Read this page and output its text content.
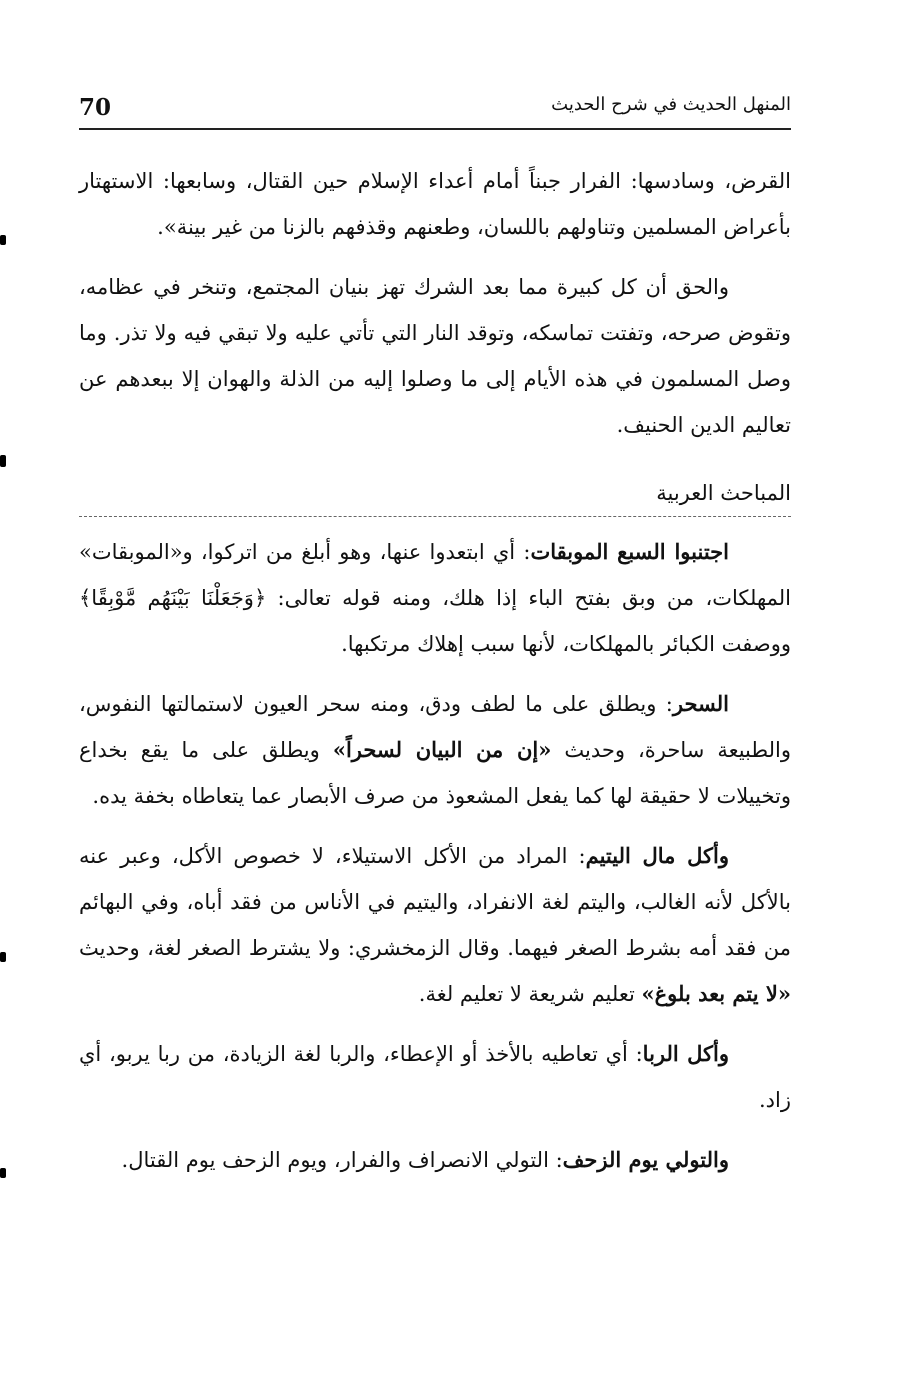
70	المنهل الحديث في شرح الحديث

القرض، وسادسها: الفرار جبناً أمام أعداء الإسلام حين القتال، وسابعها: الاستهتار بأعراض المسلمين وتناولهم باللسان، وطعنهم وقذفهم بالزنا من غير بينة».

والحق أن كل كبيرة مما بعد الشرك تهز بنيان المجتمع، وتنخر في عظامه، وتقوض صرحه، وتفتت تماسكه، وتوقد النار التي تأتي عليه ولا تبقي فيه ولا تذر. وما وصل المسلمون في هذه الأيام إلى ما وصلوا إليه من الذلة والهوان إلا ببعدهم عن تعاليم الدين الحنيف.

المباحث العربية

اجتنبوا السبع الموبقات: أي ابتعدوا عنها، وهو أبلغ من اتركوا، و«الموبقات» المهلكات، من وبق بفتح الباء إذا هلك، ومنه قوله تعالى: ﴿وَجَعَلْنَا بَيْنَهُم مَّوْبِقًا﴾ ووصفت الكبائر بالمهلكات، لأنها سبب إهلاك مرتكبها.

السحر: ويطلق على ما لطف ودق، ومنه سحر العيون لاستمالتها النفوس، والطبيعة ساحرة، وحديث «إن من البيان لسحراً» ويطلق على ما يقع بخداع وتخييلات لا حقيقة لها كما يفعل المشعوذ من صرف الأبصار عما يتعاطاه بخفة يده.

وأكل مال اليتيم: المراد من الأكل الاستيلاء، لا خصوص الأكل، وعبر عنه بالأكل لأنه الغالب، واليتم لغة الانفراد، واليتيم في الأناس من فقد أباه، وفي البهائم من فقد أمه بشرط الصغر فيهما. وقال الزمخشري: ولا يشترط الصغر لغة، وحديث «لا يتم بعد بلوغ» تعليم شريعة لا تعليم لغة.

وأكل الربا: أي تعاطيه بالأخذ أو الإعطاء، والربا لغة الزيادة، من ربا يربو، أي زاد.

والتولي يوم الزحف: التولي الانصراف والفرار، ويوم الزحف يوم القتال.
